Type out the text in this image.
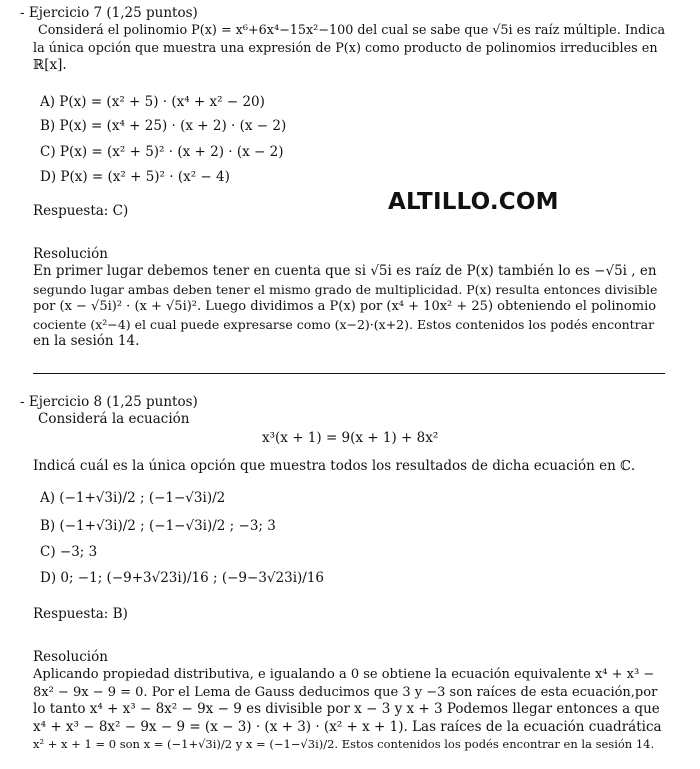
- Ejercicio 7 (1,25 puntos)
Considerá el polinomio P(x) = x⁶+6x⁴−15x²−100 del cual se sabe que √5i es raíz múltiple. Indica
la única opción que muestra una expresión de P(x) como producto de polinomios irreducibles en
ℝ[x].
A) P(x) = (x² + 5) · (x⁴ + x² − 20)
B) P(x) = (x⁴ + 25) · (x + 2) · (x − 2)
C) P(x) = (x² + 5)² · (x + 2) · (x − 2)
D) P(x) = (x² + 5)² · (x² − 4)
Respuesta: C)	ALTILLO.COM
Resolución
En primer lugar debemos tener en cuenta que si √5i es raíz de P(x) también lo es −√5i , en
segundo lugar ambas deben tener el mismo grado de multiplicidad. P(x) resulta entonces divisible
por (x − √5i)² · (x + √5i)². Luego dividimos a P(x) por (x⁴ + 10x² + 25) obteniendo el polinomio
cociente (x²−4) el cual puede expresarse como (x−2)·(x+2). Estos contenidos los podés encontrar
en la sesión 14.
- Ejercicio 8 (1,25 puntos)
Considerá la ecuación
x³(x + 1) = 9(x + 1) + 8x²
Indicá cuál es la única opción que muestra todos los resultados de dicha ecuación en ℂ.
A) (−1+√3i)/2 ; (−1−√3i)/2
B) (−1+√3i)/2 ; (−1−√3i)/2 ; −3; 3
C) −3; 3
D) 0; −1; (−9+3√23i)/16 ; (−9−3√23i)/16
Respuesta: B)
Resolución
Aplicando propiedad distributiva, e igualando a 0 se obtiene la ecuación equivalente x⁴ + x³ −
8x² − 9x − 9 = 0. Por el Lema de Gauss deducimos que 3 y −3 son raíces de esta ecuación,por
lo tanto x⁴ + x³ − 8x² − 9x − 9 es divisible por x − 3 y x + 3 Podemos llegar entonces a que
x⁴ + x³ − 8x² − 9x − 9 = (x − 3) · (x + 3) · (x² + x + 1). Las raíces de la ecuación cuadrática
x² + x + 1 = 0 son x = (−1+√3i)/2 y x = (−1−√3i)/2. Estos contenidos los podés encontrar en la sesión 14.
